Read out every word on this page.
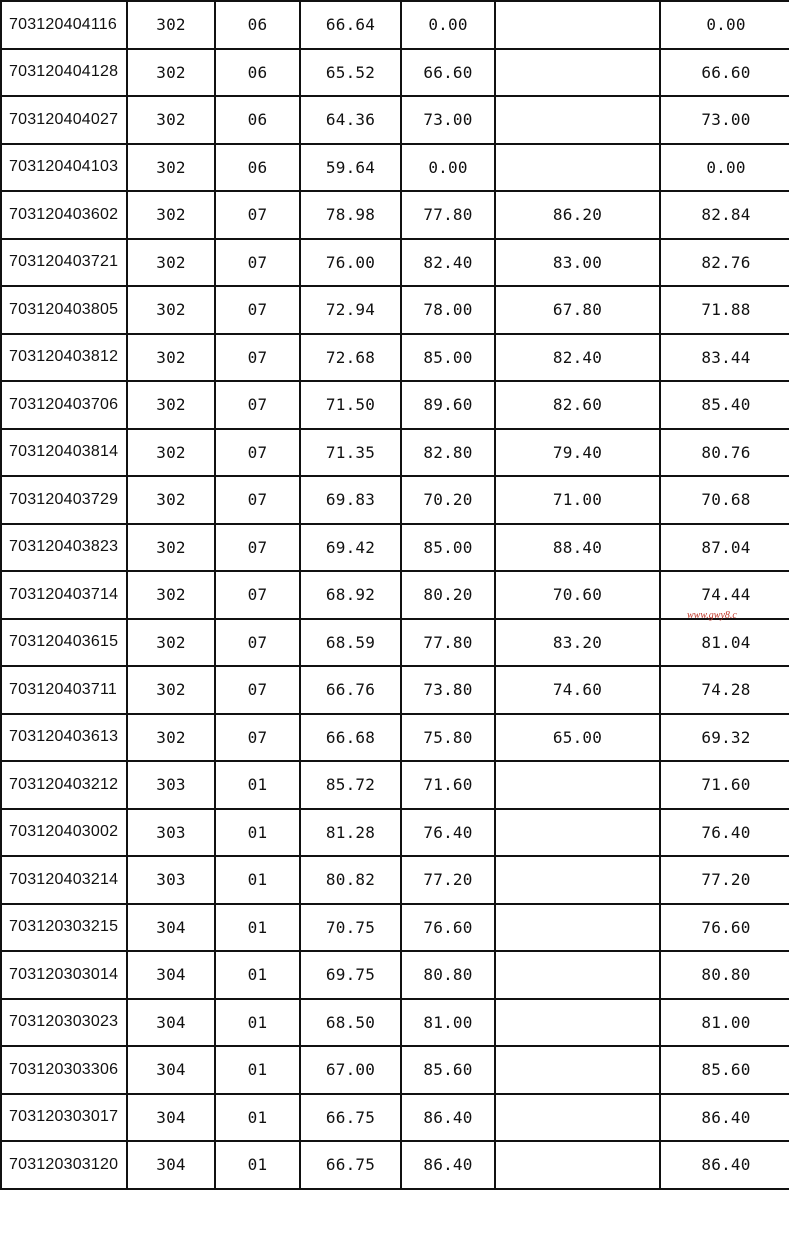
703120404116	302	06	66.64	0.00		0.00
703120404128	302	06	65.52	66.60		66.60
703120404027	302	06	64.36	73.00		73.00
703120404103	302	06	59.64	0.00		0.00
703120403602	302	07	78.98	77.80	86.20	82.84
703120403721	302	07	76.00	82.40	83.00	82.76
703120403805	302	07	72.94	78.00	67.80	71.88
703120403812	302	07	72.68	85.00	82.40	83.44
703120403706	302	07	71.50	89.60	82.60	85.40
703120403814	302	07	71.35	82.80	79.40	80.76
703120403729	302	07	69.83	70.20	71.00	70.68
703120403823	302	07	69.42	85.00	88.40	87.04
703120403714	302	07	68.92	80.20	70.60	74.44
703120403615	302	07	68.59	77.80	83.20	81.04
703120403711	302	07	66.76	73.80	74.60	74.28
703120403613	302	07	66.68	75.80	65.00	69.32
703120403212	303	01	85.72	71.60		71.60
703120403002	303	01	81.28	76.40		76.40
703120403214	303	01	80.82	77.20		77.20
703120303215	304	01	70.75	76.60		76.60
703120303014	304	01	69.75	80.80		80.80
703120303023	304	01	68.50	81.00		81.00
703120303306	304	01	67.00	85.60		85.60
703120303017	304	01	66.75	86.40		86.40
703120303120	304	01	66.75	86.40		86.40
www.gwy8.c
